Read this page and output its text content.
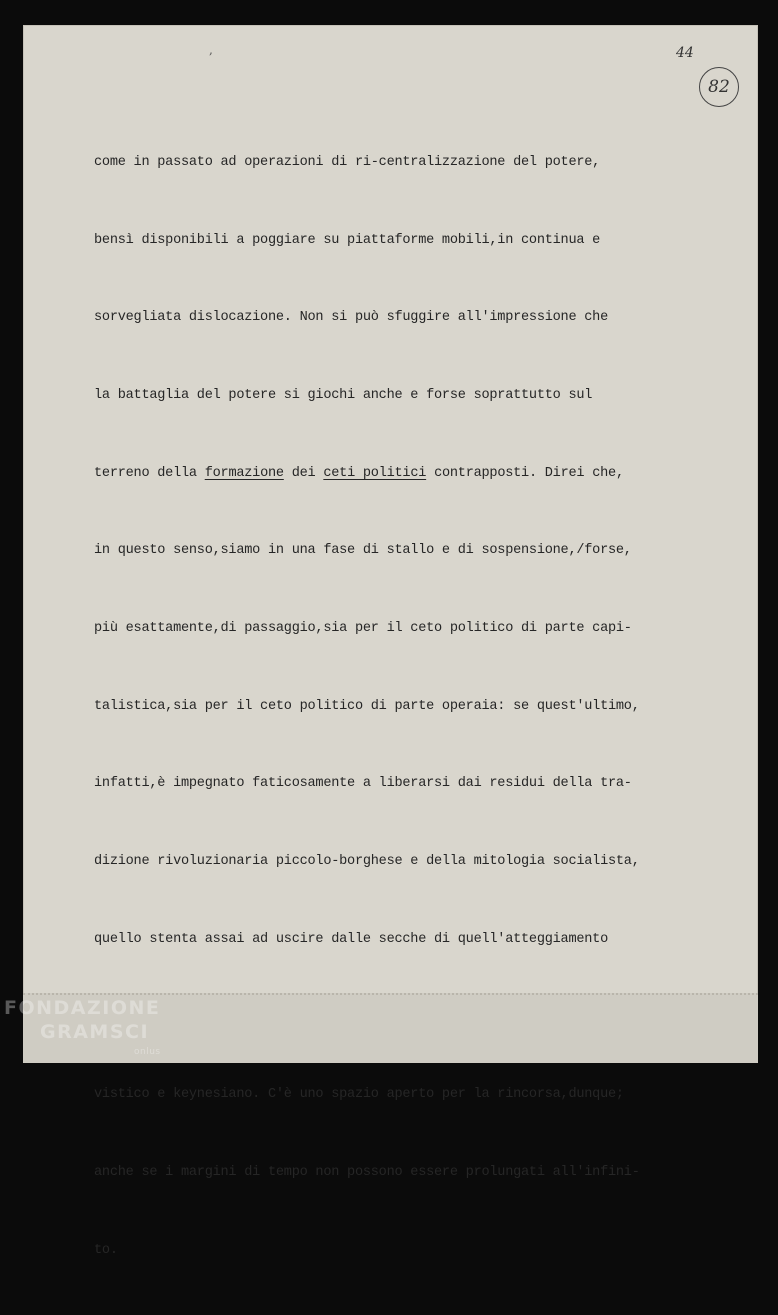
,	44
82

come in passato ad operazioni di ri-centralizzazione del potere,

bensì disponibili a poggiare su piattaforme mobili,in continua e

sorvegliata dislocazione. Non si può sfuggire all'impressione che

la battaglia del potere si giochi anche e forse soprattutto sul

terreno della formazione dei ceti politici contrapposti. Direi che,

in questo senso,siamo in una fase di stallo e di sospensione,/forse,

più esattamente,di passaggio,sia per il ceto politico di parte capi-

talistica,sia per il ceto politico di parte operaia: se quest'ultimo,

infatti,è impegnato faticosamente a liberarsi dai residui della tra-

dizione rivoluzionaria piccolo-borghese e della mitologia socialista,

quello stenta assai ad uscire dalle secche di quell'atteggiamento

vistico e keynesiano. C'è uno spazio aperto per la rincorsa,dunque;

anche se i margini di tempo non possono essere prolungati all'infini-

to.

FONDAZIONE
GRAMSCI
onlus
